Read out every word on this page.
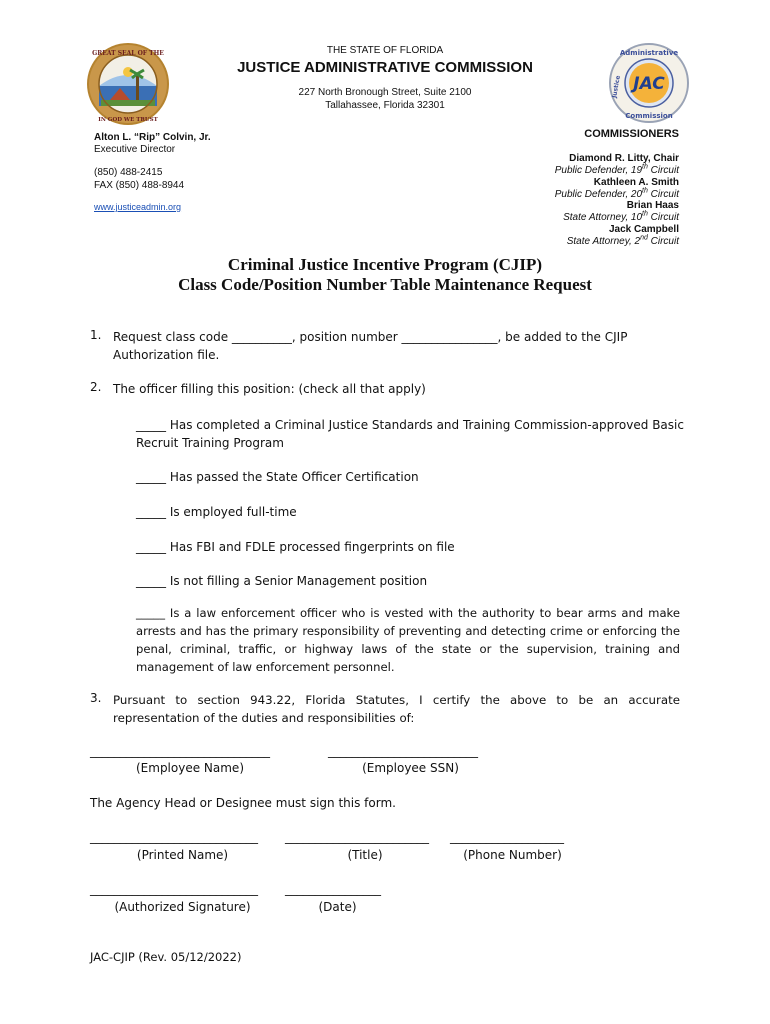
GREAT SEAL OF THE
IN GOD WE TRUST
JAC
Administrative
Commission
Justice
THE STATE OF FLORIDA
JUSTICE ADMINISTRATIVE COMMISSION
227 North Bronough Street, Suite 2100
Tallahassee, Florida 32301
Alton L. “Rip” Colvin, Jr.
Executive Director
(850) 488-2415
FAX (850) 488-8944
www.justiceadmin.org
COMMISSIONERS
Diamond R. Litty, Chair
Public Defender, 19th Circuit
Kathleen A. Smith
Public Defender, 20th Circuit
Brian Haas
State Attorney, 10th Circuit
Jack Campbell
State Attorney, 2nd Circuit
Criminal Justice Incentive Program (CJIP)
Class Code/Position Number Table Maintenance Request
1. Request class code __________, position number ________________, be added to the CJIP
Authorization file.
2. The officer filling this position: (check all that apply)
_____ Has completed a Criminal Justice Standards and Training Commission-approved Basic
Recruit Training Program
_____ Has passed the State Officer Certification
_____ Is employed full-time
_____ Has FBI and FDLE processed fingerprints on file
_____ Is not filling a Senior Management position
_____ Is a law enforcement officer who is vested with the authority to bear arms and make arrests and has the primary responsibility of preventing and detecting crime or enforcing the penal, criminal, traffic, or highway laws of the state or the supervision, training and management of law enforcement personnel.
3. Pursuant to section 943.22, Florida Statutes, I certify the above to be an accurate representation of the duties and responsibilities of:
______________________________
(Employee Name)
_________________________
(Employee SSN)
The Agency Head or Designee must sign this form.
____________________________
(Printed Name)
________________________
(Title)
___________________
(Phone Number)
____________________________
(Authorized Signature)
________________
(Date)
JAC-CJIP (Rev. 05/12/2022)
